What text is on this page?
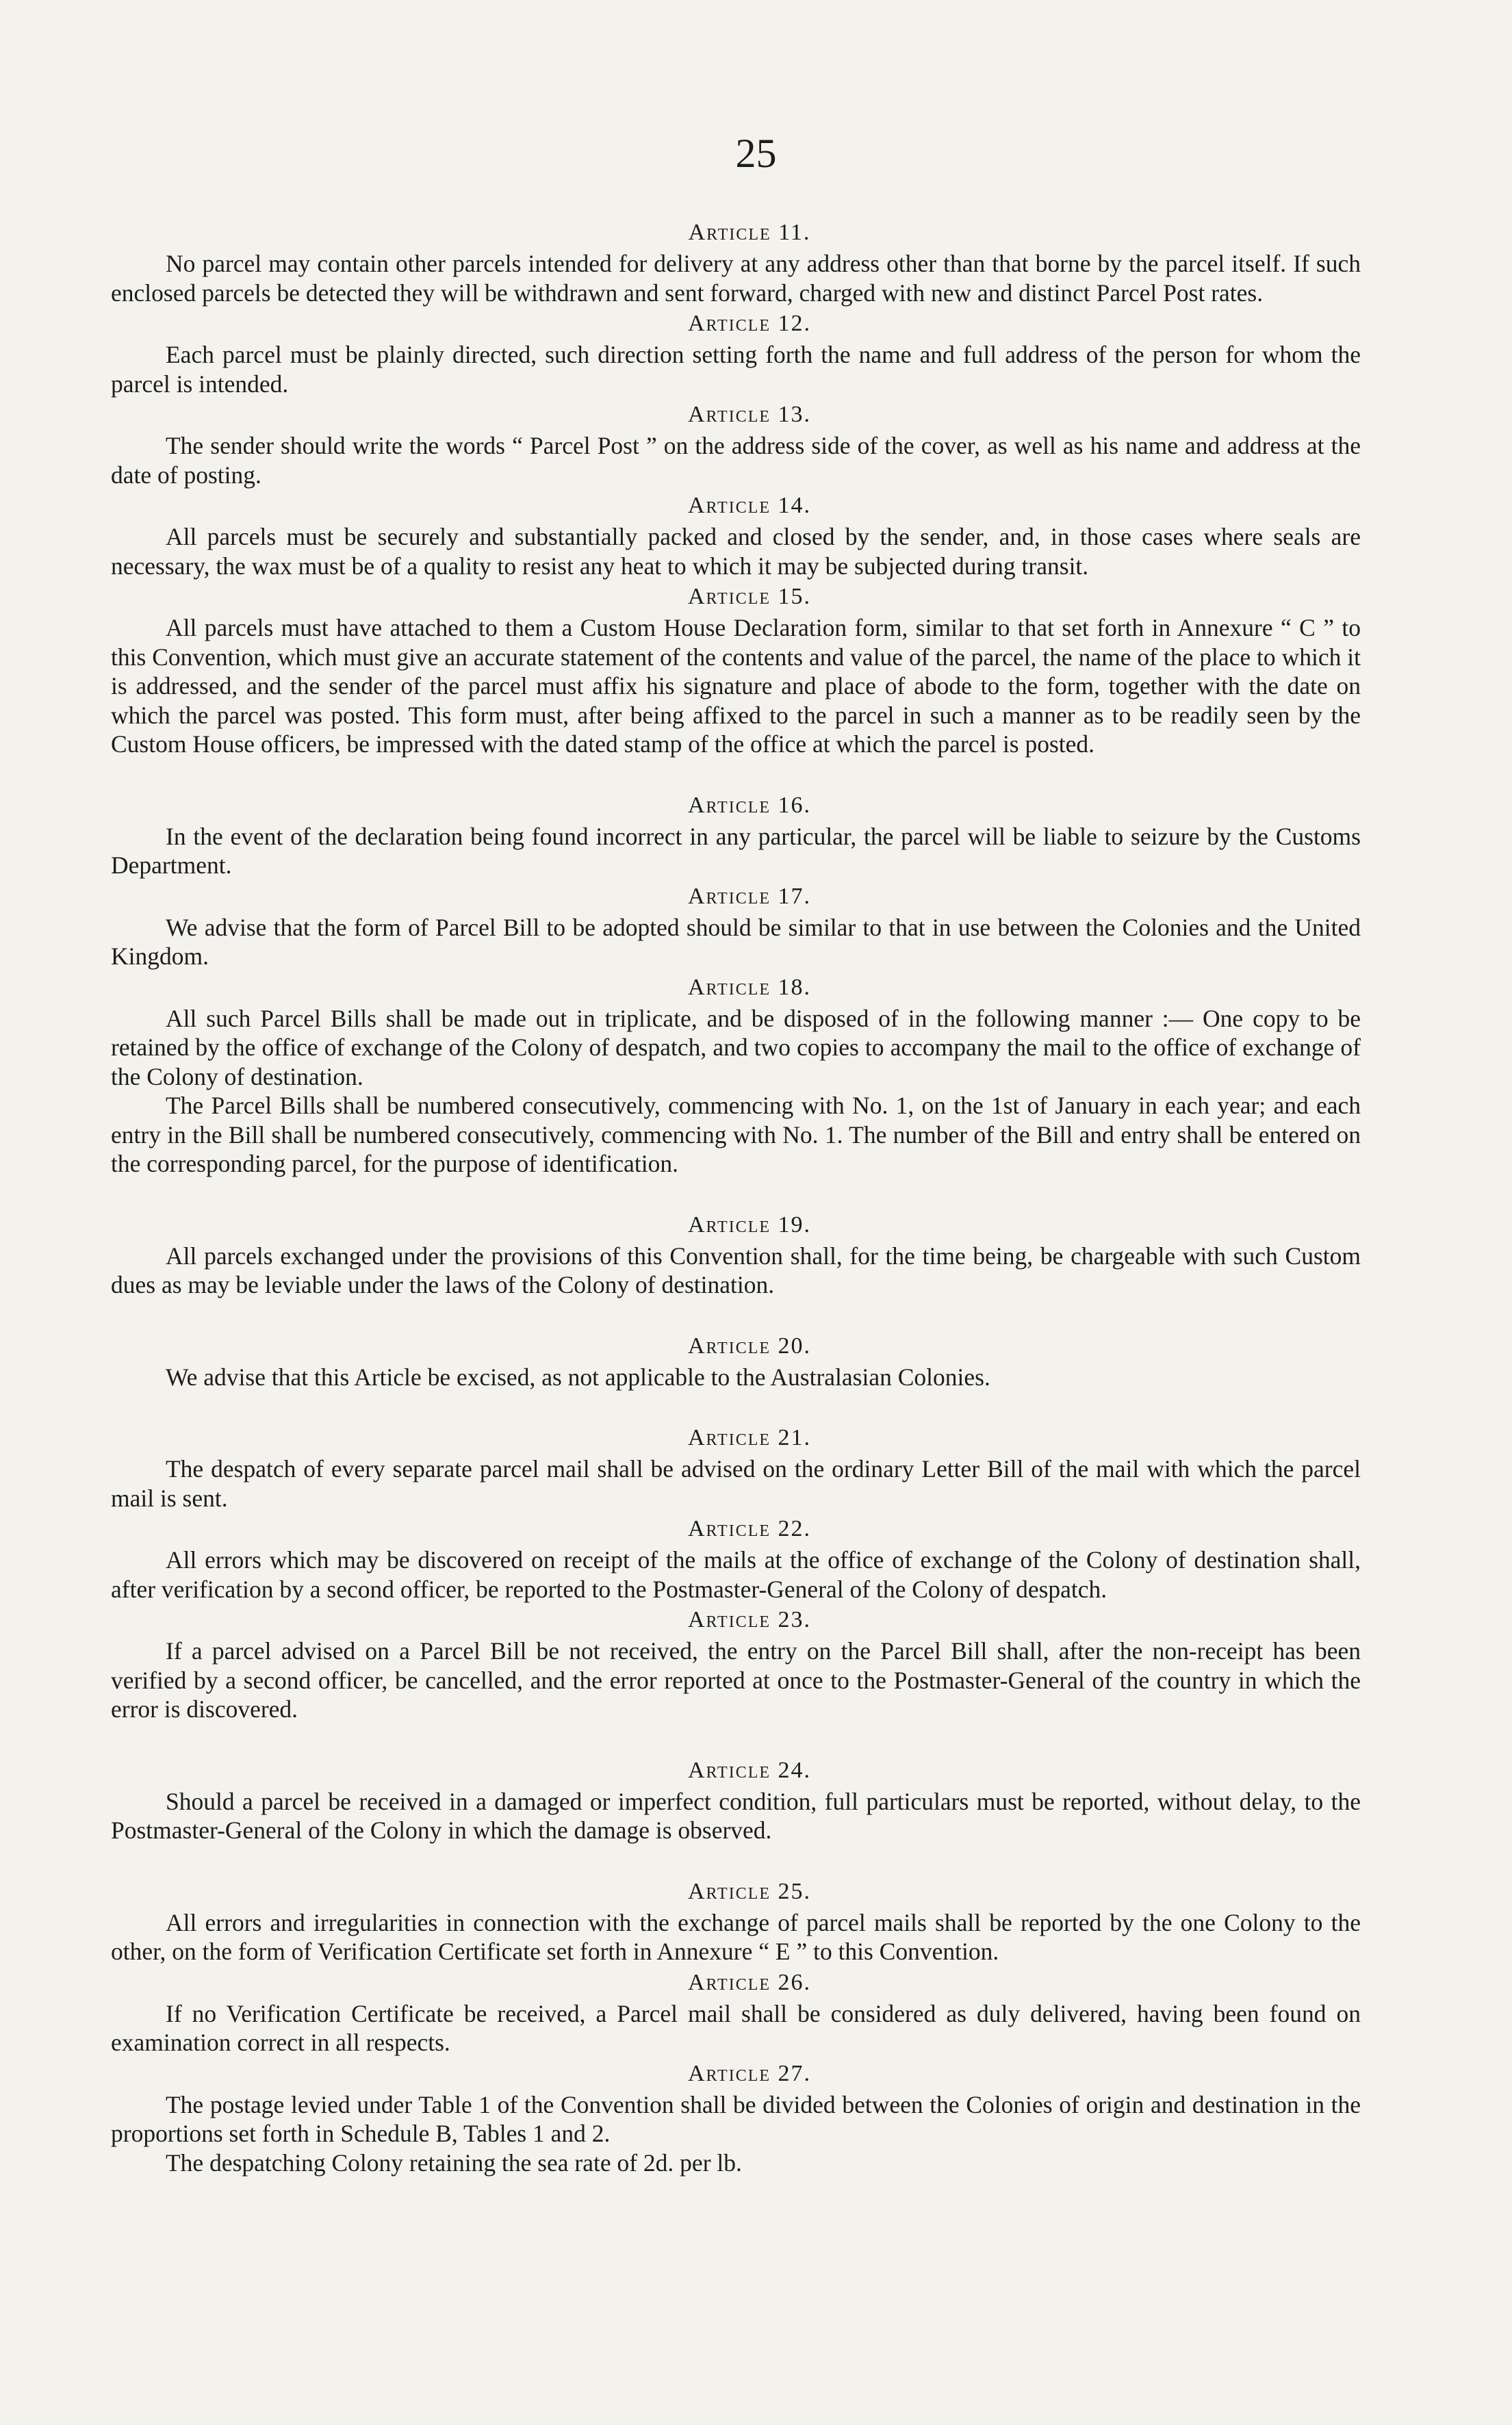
25

Article 11.

No parcel may contain other parcels intended for delivery at any address other than that borne by the parcel itself. If such enclosed parcels be detected they will be withdrawn and sent forward, charged with new and distinct Parcel Post rates.

Article 12.

Each parcel must be plainly directed, such direction setting forth the name and full address of the person for whom the parcel is intended.

Article 13.

The sender should write the words “ Parcel Post ” on the address side of the cover, as well as his name and address at the date of posting.

Article 14.

All parcels must be securely and substantially packed and closed by the sender, and, in those cases where seals are necessary, the wax must be of a quality to resist any heat to which it may be subjected during transit.

Article 15.

All parcels must have attached to them a Custom House Declaration form, similar to that set forth in Annexure “ C ” to this Convention, which must give an accurate statement of the contents and value of the parcel, the name of the place to which it is addressed, and the sender of the parcel must affix his signature and place of abode to the form, together with the date on which the parcel was posted. This form must, after being affixed to the parcel in such a manner as to be readily seen by the Custom House officers, be impressed with the dated stamp of the office at which the parcel is posted.

Article 16.

In the event of the declaration being found incorrect in any particular, the parcel will be liable to seizure by the Customs Department.

Article 17.

We advise that the form of Parcel Bill to be adopted should be similar to that in use between the Colonies and the United Kingdom.

Article 18.

All such Parcel Bills shall be made out in triplicate, and be disposed of in the following manner :— One copy to be retained by the office of exchange of the Colony of despatch, and two copies to accompany the mail to the office of exchange of the Colony of destination.

The Parcel Bills shall be numbered consecutively, commencing with No. 1, on the 1st of January in each year; and each entry in the Bill shall be numbered consecutively, commencing with No. 1. The number of the Bill and entry shall be entered on the corresponding parcel, for the purpose of identification.

Article 19.

All parcels exchanged under the provisions of this Convention shall, for the time being, be chargeable with such Custom dues as may be leviable under the laws of the Colony of destination.

Article 20.

We advise that this Article be excised, as not applicable to the Australasian Colonies.

Article 21.

The despatch of every separate parcel mail shall be advised on the ordinary Letter Bill of the mail with which the parcel mail is sent.

Article 22.

All errors which may be discovered on receipt of the mails at the office of exchange of the Colony of destination shall, after verification by a second officer, be reported to the Postmaster-General of the Colony of despatch.

Article 23.

If a parcel advised on a Parcel Bill be not received, the entry on the Parcel Bill shall, after the non-receipt has been verified by a second officer, be cancelled, and the error reported at once to the Postmaster-General of the country in which the error is discovered.

Article 24.

Should a parcel be received in a damaged or imperfect condition, full particulars must be reported, without delay, to the Postmaster-General of the Colony in which the damage is observed.

Article 25.

All errors and irregularities in connection with the exchange of parcel mails shall be reported by the one Colony to the other, on the form of Verification Certificate set forth in Annexure “ E ” to this Convention.

Article 26.

If no Verification Certificate be received, a Parcel mail shall be considered as duly delivered, having been found on examination correct in all respects.

Article 27.

The postage levied under Table 1 of the Convention shall be divided between the Colonies of origin and destination in the proportions set forth in Schedule B, Tables 1 and 2.

The despatching Colony retaining the sea rate of 2d. per lb.
